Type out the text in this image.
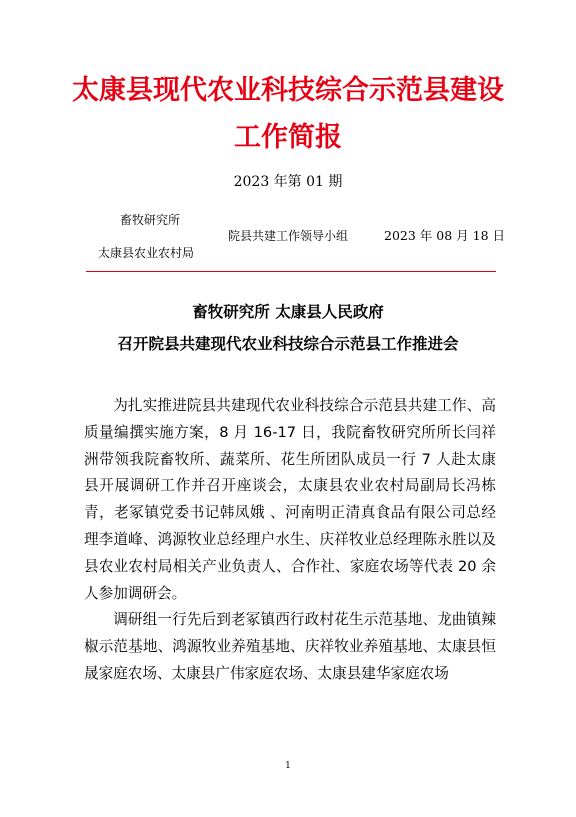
太康县现代农业科技综合示范县建设
工作简报
2023 年第 01 期
畜牧研究所
太康县农业农村局
院县共建工作领导小组	2023 年 08 月 18 日
畜牧研究所 太康县人民政府
召开院县共建现代农业科技综合示范县工作推进会

为扎实推进院县共建现代农业科技综合示范县共建工作、高质量编撰实施方案，8 月 16-17 日，我院畜牧研究所所长闫祥洲带领我院畜牧所、蔬菜所、花生所团队成员一行 7 人赴太康县开展调研工作并召开座谈会，太康县农业农村局副局长冯栋青，老冢镇党委书记韩凤娥 、河南明正清真食品有限公司总经理李道峰、鸿源牧业总经理户水生、庆祥牧业总经理陈永胜以及县农业农村局相关产业负责人、合作社、家庭农场等代表 20 余人参加调研会。

调研组一行先后到老冢镇西行政村花生示范基地、龙曲镇辣椒示范基地、鸿源牧业养殖基地、庆祥牧业养殖基地、太康县恒晟家庭农场、太康县广伟家庭农场、太康县建华家庭农场

1
